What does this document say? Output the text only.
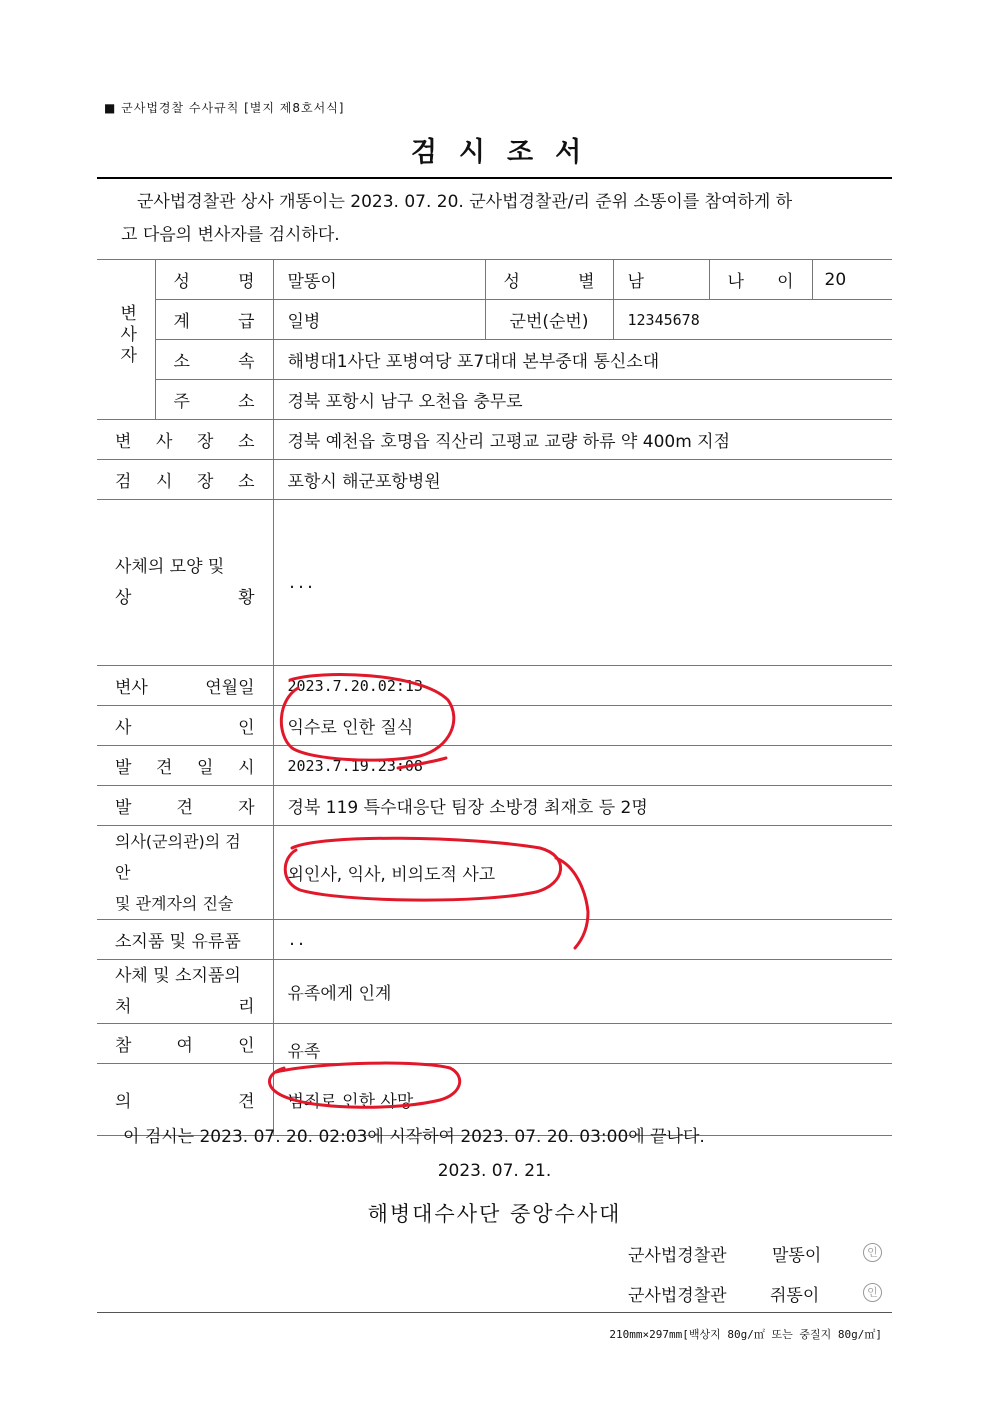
■ 군사법경찰 수사규칙 [별지 제8호서식]
검시조서

군사법경찰관 상사 개똥이는 2023. 07. 20. 군사법경찰관/리 준위 소똥이를 참여하게 하

고 다음의 변사자를 검시하다.

변사자	성 명	말똥이	성 별	남	나 이	20
	계 급	일병	군번(순번)	12345678		
	소 속	해병대1사단 포병여당 포7대대 본부중대 통신소대				
	주 소	경북 포항시 남구 오천읍 충무로				
변 사 장 소		경북 예천읍 호명읍 직산리 고평교 교량 하류 약 400m 지점				
검 시 장 소		포항시 해군포항병원				

사체의 모양 및
상 황		...				
변사 연월일		2023.7.20.02:13				
사 인		익수로 인한 질식				
발 견 일 시		2023.7.19.23:08				
발 견 자		경북 119 특수대응단 팀장 소방경 최재호 등 2명				

의사(군의관)의 검안
및 관계자의 진술		외인사, 익사, 비의도적 사고				
소지품 및 유류품		..				

사체 및 소지품의
처 리		유족에게 인계				
참 여 인		유족				
의 견		범죄로 인한 사망				
이 검시는 2023. 07. 20. 02:03에 시작하여 2023. 07. 20. 03:00에 끝나다.
2023. 07. 21.
해병대수사단 중앙수사대
군사법경찰관	말똥이	인
군사법경찰관	쥐똥이	인
210mm×297mm[백상지 80g/㎡ 또는 중질지 80g/㎡]
